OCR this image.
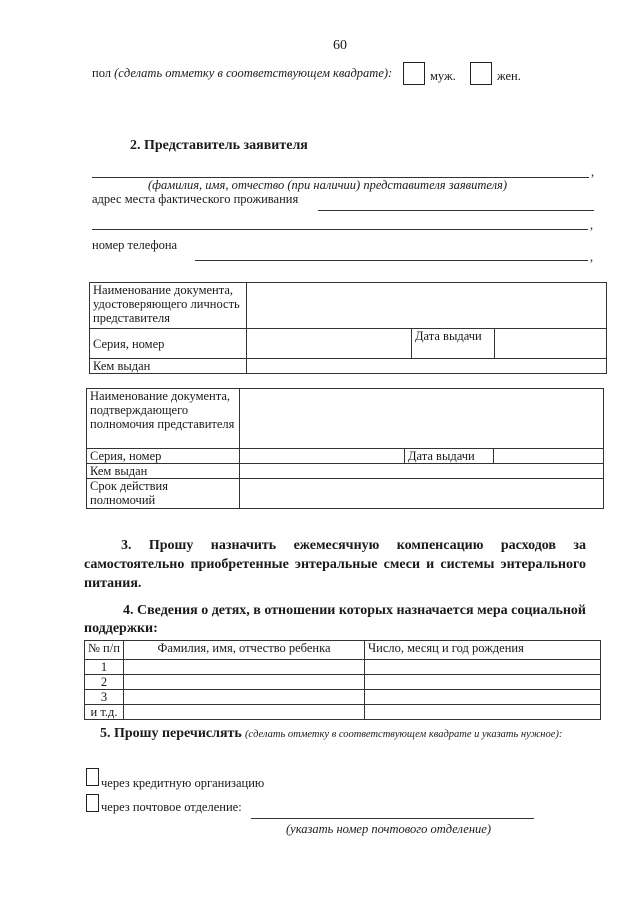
60
пол (сделать отметку в соответствующем квадрате):	муж.	жен.
2. Представитель заявителя
,
(фамилия, имя, отчество (при наличии) представителя заявителя)
адрес места фактического проживания
,
номер телефона
,
Наименование документа, удостоверяющего личность представителя			
Серия, номер		Дата выдачи	
Кем выдан			
Наименование документа, подтверждающего полномочия представителя			
Серия, номер		Дата выдачи	
Кем выдан			
Срок действия полномочий			
3. Прошу назначить ежемесячную компенсацию расходов за самостоятельно приобретенные энтеральные смеси и системы энтерального питания.
4. Сведения о детях, в отношении которых назначается мера социальной поддержки:
№ п/п	Фамилия, имя, отчество ребенка	Число, месяц и год рождения
1		
2		
3		
и т.д.		
5. Прошу перечислять (сделать отметку в соответствующем квадрате и указать нужное):
через кредитную организацию
через почтовое отделение:
(указать номер почтового отделение)
